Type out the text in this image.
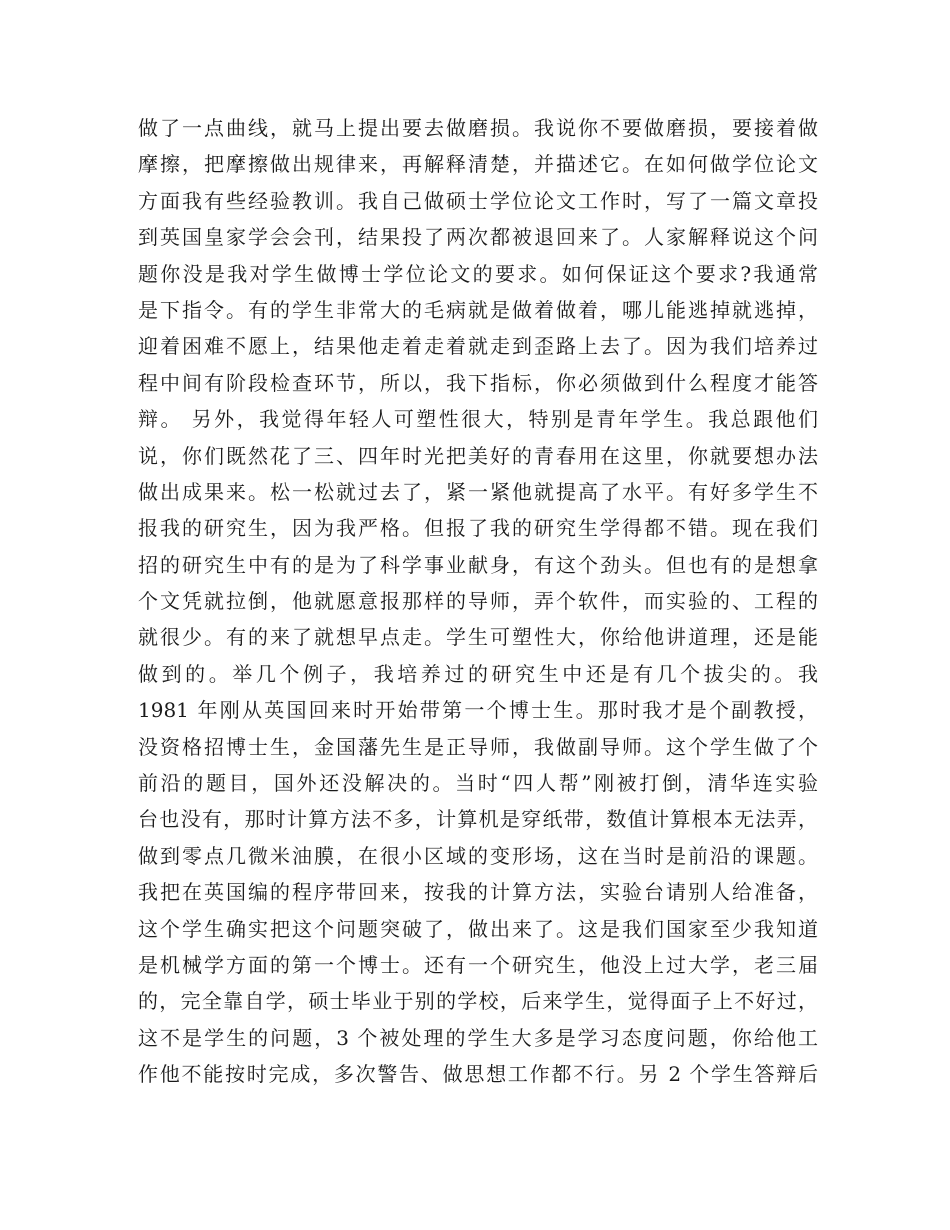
做了一点曲线，就马上提出要去做磨损。我说你不要做磨损，要接着做
摩擦，把摩擦做出规律来，再解释清楚，并描述它。在如何做学位论文
方面我有些经验教训。我自己做硕士学位论文工作时，写了一篇文章投
到英国皇家学会会刊，结果投了两次都被退回来了。人家解释说这个问
题你没是我对学生做博士学位论文的要求。如何保证这个要求?我通常
是下指令。有的学生非常大的毛病就是做着做着，哪儿能逃掉就逃掉，
迎着困难不愿上，结果他走着走着就走到歪路上去了。因为我们培养过
程中间有阶段检查环节，所以，我下指标，你必须做到什么程度才能答
辩。 另外，我觉得年轻人可塑性很大，特别是青年学生。我总跟他们
说，你们既然花了三、四年时光把美好的青春用在这里，你就要想办法
做出成果来。松一松就过去了，紧一紧他就提高了水平。有好多学生不
报我的研究生，因为我严格。但报了我的研究生学得都不错。现在我们
招的研究生中有的是为了科学事业献身，有这个劲头。但也有的是想拿
个文凭就拉倒，他就愿意报那样的导师，弄个软件，而实验的、工程的
就很少。有的来了就想早点走。学生可塑性大，你给他讲道理，还是能
做到的。举几个例子，我培养过的研究生中还是有几个拔尖的。我
1981 年刚从英国回来时开始带第一个博士生。那时我才是个副教授，
没资格招博士生，金国藩先生是正导师，我做副导师。这个学生做了个
前沿的题目，国外还没解决的。当时“四人帮”刚被打倒，清华连实验
台也没有，那时计算方法不多，计算机是穿纸带，数值计算根本无法弄，
做到零点几微米油膜，在很小区域的变形场，这在当时是前沿的课题。
我把在英国编的程序带回来，按我的计算方法，实验台请别人给准备，
这个学生确实把这个问题突破了，做出来了。这是我们国家至少我知道
是机械学方面的第一个博士。还有一个研究生，他没上过大学，老三届
的，完全靠自学，硕士毕业于别的学校，后来学生，觉得面子上不好过，
这不是学生的问题，3 个被处理的学生大多是学习态度问题，你给他工
作他不能按时完成，多次警告、做思想工作都不行。另 2 个学生答辩后
